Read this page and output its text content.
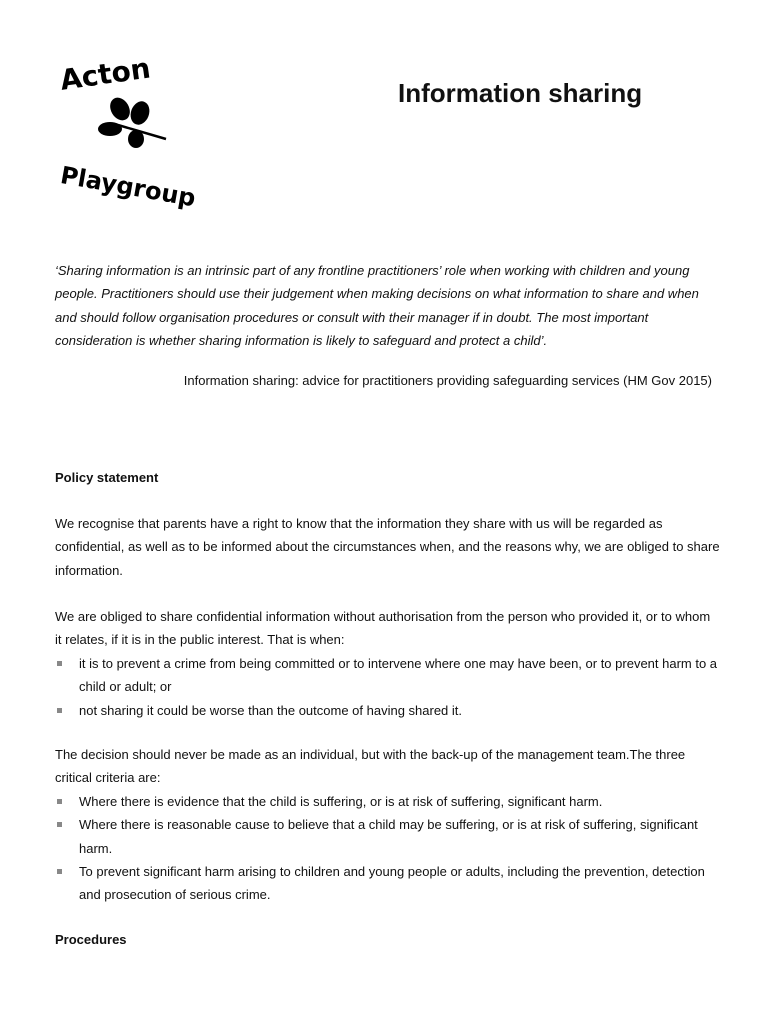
Acton
Playgroup
Information sharing

‘Sharing information is an intrinsic part of any frontline practitioners’ role when working with children and young people. Practitioners should use their judgement when making decisions on what information to share and when and should follow organisation procedures or consult with their manager if in doubt. The most important consideration is whether sharing information is likely to safeguard and protect a child’.

Information sharing: advice for practitioners providing safeguarding services (HM Gov 2015)
Policy statement

We recognise that parents have a right to know that the information they share with us will be regarded as confidential, as well as to be informed about the circumstances when, and the reasons why, we are obliged to share information.

We are obliged to share confidential information without authorisation from the person who provided it, or to whom it relates, if it is in the public interest. That is when:

it is to prevent a crime from being committed or to intervene where one may have been, or to prevent harm to a child or adult; or
not sharing it could be worse than the outcome of having shared it.

The decision should never be made as an individual, but with the back-up of the management team.The three critical criteria are:

Where there is evidence that the child is suffering, or is at risk of suffering, significant harm.
Where there is reasonable cause to believe that a child may be suffering, or is at risk of suffering, significant harm.
To prevent significant harm arising to children and young people or adults, including the prevention, detection and prosecution of serious crime.
Procedures
